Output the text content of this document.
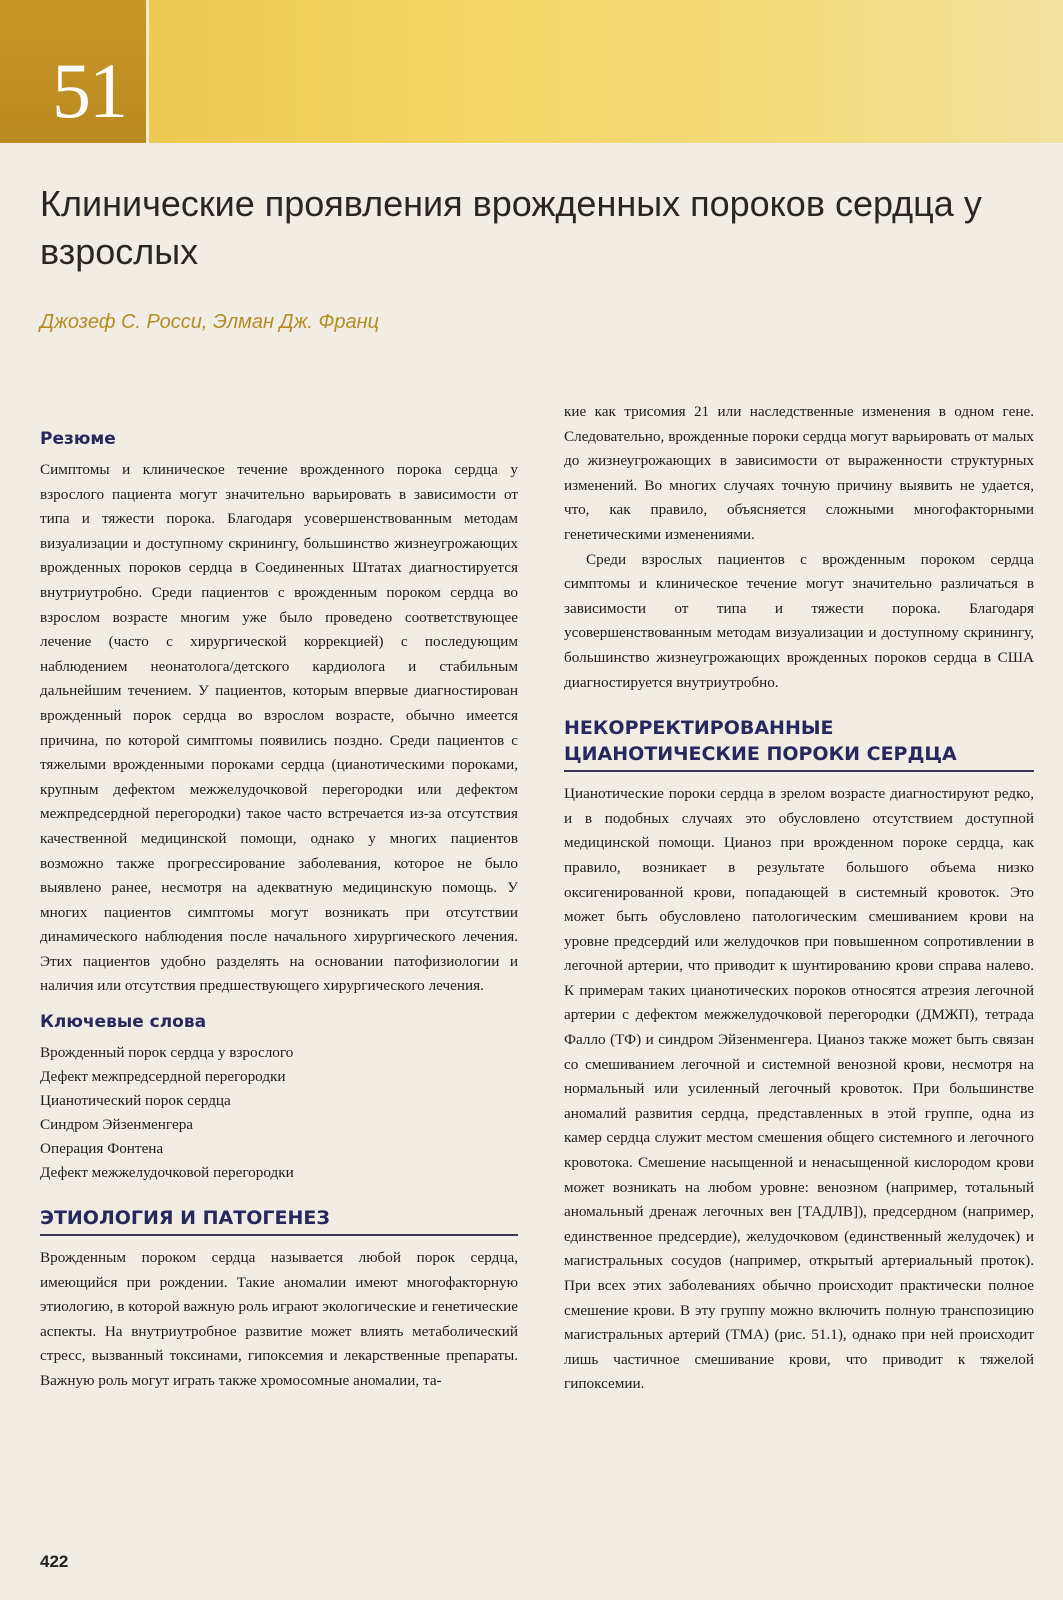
51
Клинические проявления врожденных пороков сердца у взрослых
Джозеф С. Росси, Элман Дж. Франц
Резюме

Симптомы и клиническое течение врожденного порока сердца у взрослого пациента могут значительно варьировать в зависимости от типа и тяжести порока. Благодаря усовершенствованным методам визуализации и доступному скринингу, большинство жизнеугрожающих врожденных пороков сердца в Соединенных Штатах диагностируется внутриутробно. Среди пациентов с врожденным пороком сердца во взрослом возрасте многим уже было проведено соответствующее лечение (часто с хирургической коррекцией) с последующим наблюдением неонатолога/детского кардиолога и стабильным дальнейшим течением. У пациентов, которым впервые диагностирован врожденный порок сердца во взрослом возрасте, обычно имеется причина, по которой симптомы появились поздно. Среди пациентов с тяжелыми врожденными пороками сердца (цианотическими пороками, крупным дефектом межжелудочковой перегородки или дефектом межпредсердной перегородки) такое часто встречается из-за отсутствия качественной медицинской помощи, однако у многих пациентов возможно также прогрессирование заболевания, которое не было выявлено ранее, несмотря на адекватную медицинскую помощь. У многих пациентов симптомы могут возникать при отсутствии динамического наблюдения после начального хирургического лечения. Этих пациентов удобно разделять на основании патофизиологии и наличия или отсутствия предшествующего хирургического лечения.

Ключевые слова
Врожденный порок сердца у взрослого
Дефект межпредсердной перегородки
Цианотический порок сердца
Синдром Эйзенменгера
Операция Фонтена
Дефект межжелудочковой перегородки
ЭТИОЛОГИЯ И ПАТОГЕНЕЗ

Врожденным пороком сердца называется любой порок сердца, имеющийся при рождении. Такие аномалии имеют многофакторную этиологию, в которой важную роль играют экологические и генетические аспекты. На внутриутробное развитие может влиять метаболический стресс, вызванный токсинами, гипоксемия и лекарственные препараты. Важную роль могут играть также хромосомные аномалии, та-

кие как трисомия 21 или наследственные изменения в одном гене. Следовательно, врожденные пороки сердца могут варьировать от малых до жизнеугрожающих в зависимости от выраженности структурных изменений. Во многих случаях точную причину выявить не удается, что, как правило, объясняется сложными многофакторными генетическими изменениями.

Среди взрослых пациентов с врожденным пороком сердца симптомы и клиническое течение могут значительно различаться в зависимости от типа и тяжести порока. Благодаря усовершенствованным методам визуализации и доступному скринингу, большинство жизнеугрожающих врожденных пороков сердца в США диагностируется внутриутробно.

НЕКОРРЕКТИРОВАННЫЕ ЦИАНОТИЧЕСКИЕ ПОРОКИ СЕРДЦА

Цианотические пороки сердца в зрелом возрасте диагностируют редко, и в подобных случаях это обусловлено отсутствием доступной медицинской помощи. Цианоз при врожденном пороке сердца, как правило, возникает в результате большого объема низко оксигенированной крови, попадающей в системный кровоток. Это может быть обусловлено патологическим смешиванием крови на уровне предсердий или желудочков при повышенном сопротивлении в легочной артерии, что приводит к шунтированию крови справа налево. К примерам таких цианотических пороков относятся атрезия легочной артерии с дефектом межжелудочковой перегородки (ДМЖП), тетрада Фалло (ТФ) и синдром Эйзенменгера. Цианоз также может быть связан со смешиванием легочной и системной венозной крови, несмотря на нормальный или усиленный легочный кровоток. При большинстве аномалий развития сердца, представленных в этой группе, одна из камер сердца служит местом смешения общего системного и легочного кровотока. Смешение насыщенной и ненасыщенной кислородом крови может возникать на любом уровне: венозном (например, тотальный аномальный дренаж легочных вен [ТАДЛВ]), предсердном (например, единственное предсердие), желудочковом (единственный желудочек) и магистральных сосудов (например, открытый артериальный проток). При всех этих заболеваниях обычно происходит практически полное смешение крови. В эту группу можно включить полную транспозицию магистральных артерий (ТМА) (рис. 51.1), однако при ней происходит лишь частичное смешивание крови, что приводит к тяжелой гипоксемии.

422
